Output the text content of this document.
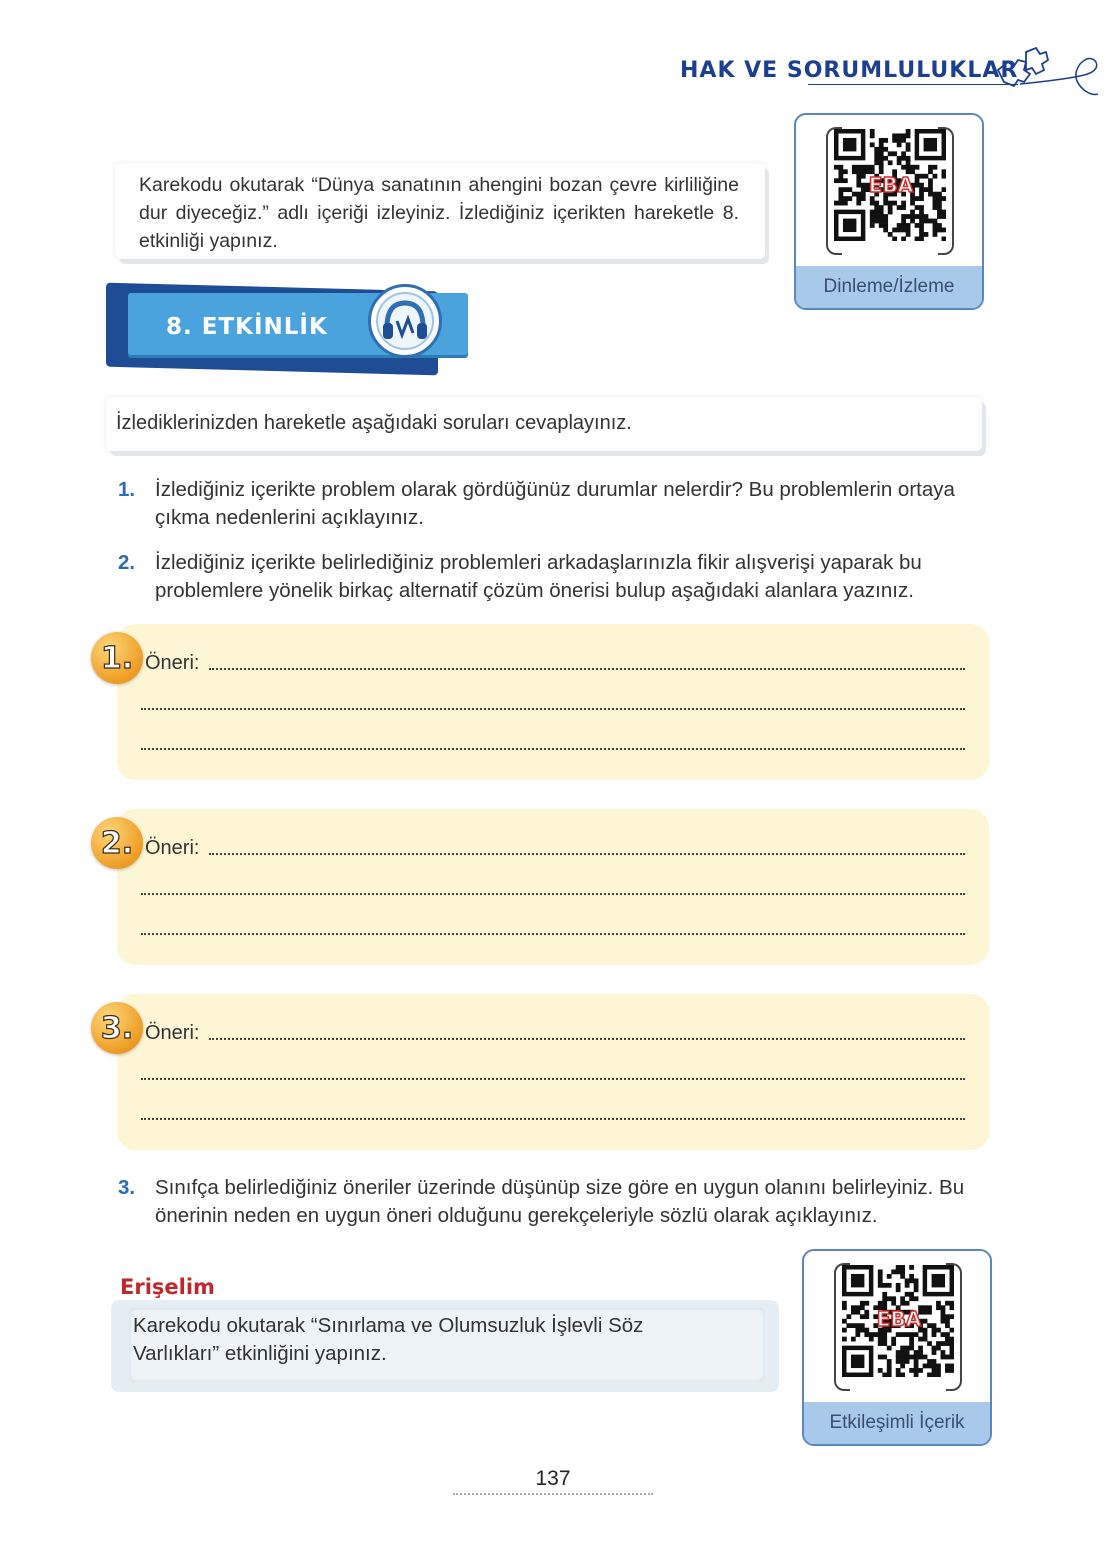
HAK VE SORUMLULUKLAR
Karekodu okutarak “Dünya sanatının ahengini bozan çevre kirliliğine dur diyeceğiz.” adlı içeriği izleyiniz. İzlediğiniz içerikten hareketle 8. etkinliği yapınız.
EBA
Dinleme/İzleme
8. ETKİNLİK
İzlediklerinizden hareketle aşağıdaki soruları cevaplayınız.
1. İzlediğiniz içerikte problem olarak gördüğünüz durumlar nelerdir? Bu problemlerin ortaya çıkma nedenlerini açıklayınız.
2. İzlediğiniz içerikte belirlediğiniz problemleri arkadaşlarınızla fikir alışverişi yaparak bu problemlere yönelik birkaç alternatif çözüm önerisi bulup aşağıdaki alanlara yazınız.
Öneri:
1.
Öneri:
2.
Öneri:
3.
3. Sınıfça belirlediğiniz öneriler üzerinde düşünüp size göre en uygun olanını belirleyiniz. Bu önerinin neden en uygun öneri olduğunu gerekçeleriyle sözlü olarak açıklayınız.
Erişelim
Karekodu okutarak “Sınırlama ve Olumsuzluk İşlevli Söz Varlıkları” etkinliğini yapınız.
EBA
Etkileşimli İçerik
137
